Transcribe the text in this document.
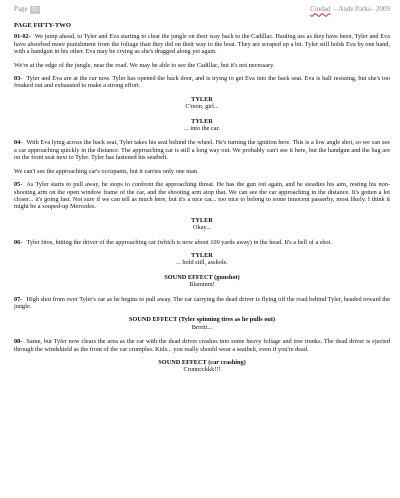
Page 52	Ciudad – Ande Parks– 2009
PAGE FIFTY-TWO
01-02- We jump ahead, to Tyler and Eva starting to clear the jungle on their way back to the Cadillac. Hauling ass as they have been, Tyler and Eva have absorbed more punishment from the foliage than they did on their way to the boat. They are scraped up a bit. Tyler still holds Eva by one hand, with a handgun in his other. Eva may be crying as she's dragged along yet again.
We're at the edge of the jungle, near the road. We may be able to see the Cadillac, but it's not necessary.
03- Tyler and Eva are at the car now. Tyler has opened the back door, and is trying to get Eva into the back seat. Eva is half resisting, but she's too freaked out and exhausted to make a strong effort.
TYLER
C'mon, girl...
TYLER
... into the car.
04- With Eva lying across the back seat, Tyler takes his seat behind the wheel. He's turning the ignition here. This is a low angle shot, so we can see a car approaching quickly in the distance. The approaching car is still a long way out. We probably can't see it here, but the handgun and the bag are on the front seat next to Tyler. Tyler has fastened his seatbelt.
We can't see the approaching car's occupants, but it carries only one man.
05- As Tyler starts to pull away, he stops to confront the approaching threat. He has the gun out again, and he steadies his aim, resting his non-shooting arm on the open window frame of the car, and the shooting arm atop that. We can see the car approaching in the distance. It's gotten a lot closer... it's going fast. Not sure if we can tell as much here, but it's a nice car... too nice to belong to some innocent passerby, most likely. I think it might be a souped-up Mercedes.
TYLER
Okay...
06- Tyler fires, hitting the driver of the approaching car (which is now about 100 yards away) in the head. It's a hell of a shot.
TYLER
... hold still, asshole.
SOUND EFFECT (gunshot)
Blammm!
07- High shot from over Tyler's car as he begins to pull away. The car carrying the dead driver is flying off the road behind Tyler, headed toward the jungle.
SOUND EFFECT (Tyler spinning tires as he pulls out)
Brrrttt...
08- Same, but Tyler now clears the area as the car with the dead driver crashes into some heavy foliage and tree trunks. The dead driver is ejected through the windshield as the front of the car crumples. Kids... you really should wear a seatbelt, even if you're dead.
SOUND EFFECT (car crashing)
Crunncckkk!!!
